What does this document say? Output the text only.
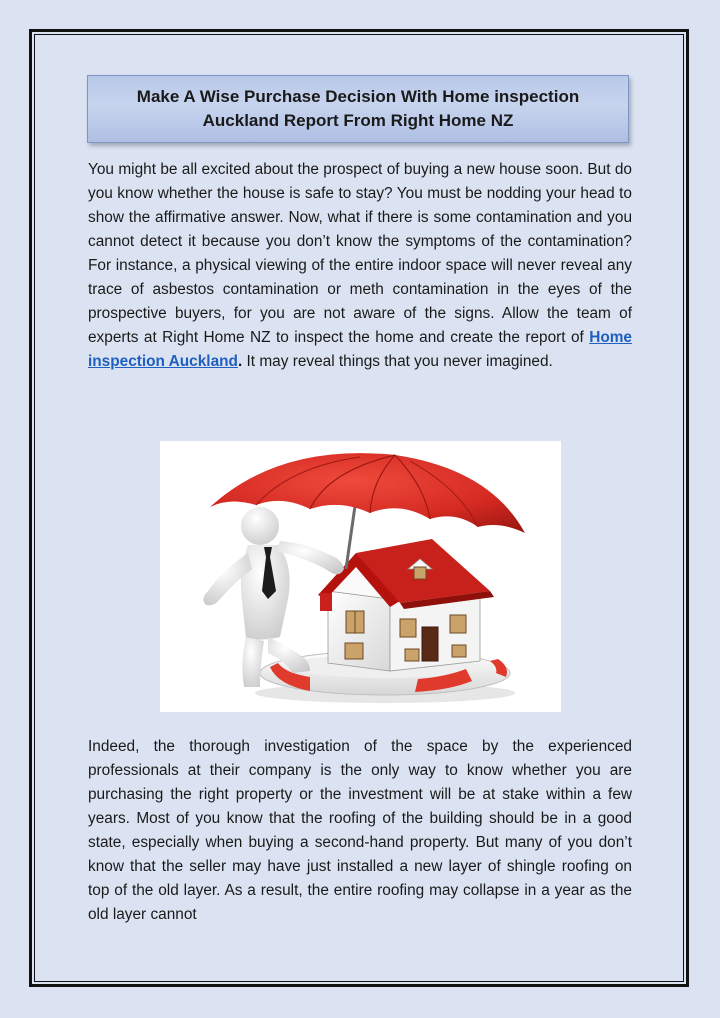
Make A Wise Purchase Decision With Home inspection Auckland Report From Right Home NZ

You might be all excited about the prospect of buying a new house soon. But do you know whether the house is safe to stay? You must be nodding your head to show the affirmative answer. Now, what if there is some contamination and you cannot detect it because you don’t know the symptoms of the contamination? For instance, a physical viewing of the entire indoor space will never reveal any trace of asbestos contamination or meth contamination in the eyes of the prospective buyers, for you are not aware of the signs. Allow the team of experts at Right Home NZ to inspect the home and create the report of Home inspection Auckland. It may reveal things that you never imagined.

Indeed, the thorough investigation of the space by the experienced professionals at their company is the only way to know whether you are purchasing the right property or the investment will be at stake within a few years. Most of you know that the roofing of the building should be in a good state, especially when buying a second-hand property. But many of you don’t know that the seller may have just installed a new layer of shingle roofing on top of the old layer. As a result, the entire roofing may collapse in a year as the old layer cannot
